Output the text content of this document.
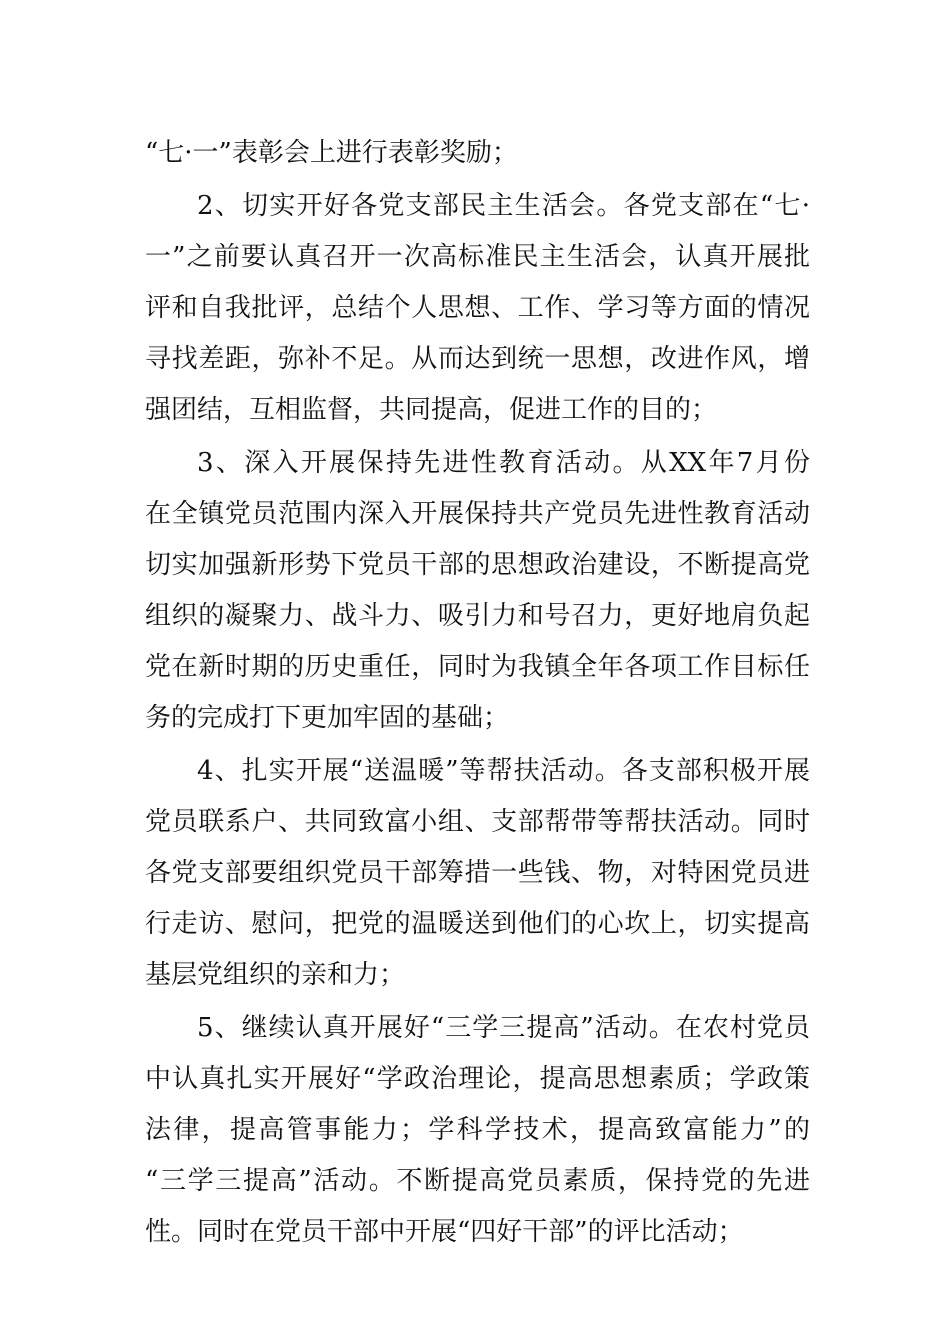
“七·一”表彰会上进行表彰奖励；
2、切实开好各党支部民主生活会。各党支部在“七·
一”之前要认真召开一次高标准民主生活会，认真开展批
评和自我批评，总结个人思想、工作、学习等方面的情况
寻找差距，弥补不足。从而达到统一思想，改进作风，增
强团结，互相监督，共同提高，促进工作的目的；
3、深入开展保持先进性教育活动。从XX年7月份
在全镇党员范围内深入开展保持共产党员先进性教育活动
切实加强新形势下党员干部的思想政治建设，不断提高党
组织的凝聚力、战斗力、吸引力和号召力，更好地肩负起
党在新时期的历史重任，同时为我镇全年各项工作目标任
务的完成打下更加牢固的基础；
4、扎实开展“送温暖”等帮扶活动。各支部积极开展
党员联系户、共同致富小组、支部帮带等帮扶活动。同时
各党支部要组织党员干部筹措一些钱、物，对特困党员进
行走访、慰问，把党的温暖送到他们的心坎上，切实提高
基层党组织的亲和力；
5、继续认真开展好“三学三提高”活动。在农村党员
中认真扎实开展好“学政治理论，提高思想素质；学政策
法律，提高管事能力；学科学技术，提高致富能力”的
“三学三提高”活动。不断提高党员素质，保持党的先进
性。同时在党员干部中开展“四好干部”的评比活动；
